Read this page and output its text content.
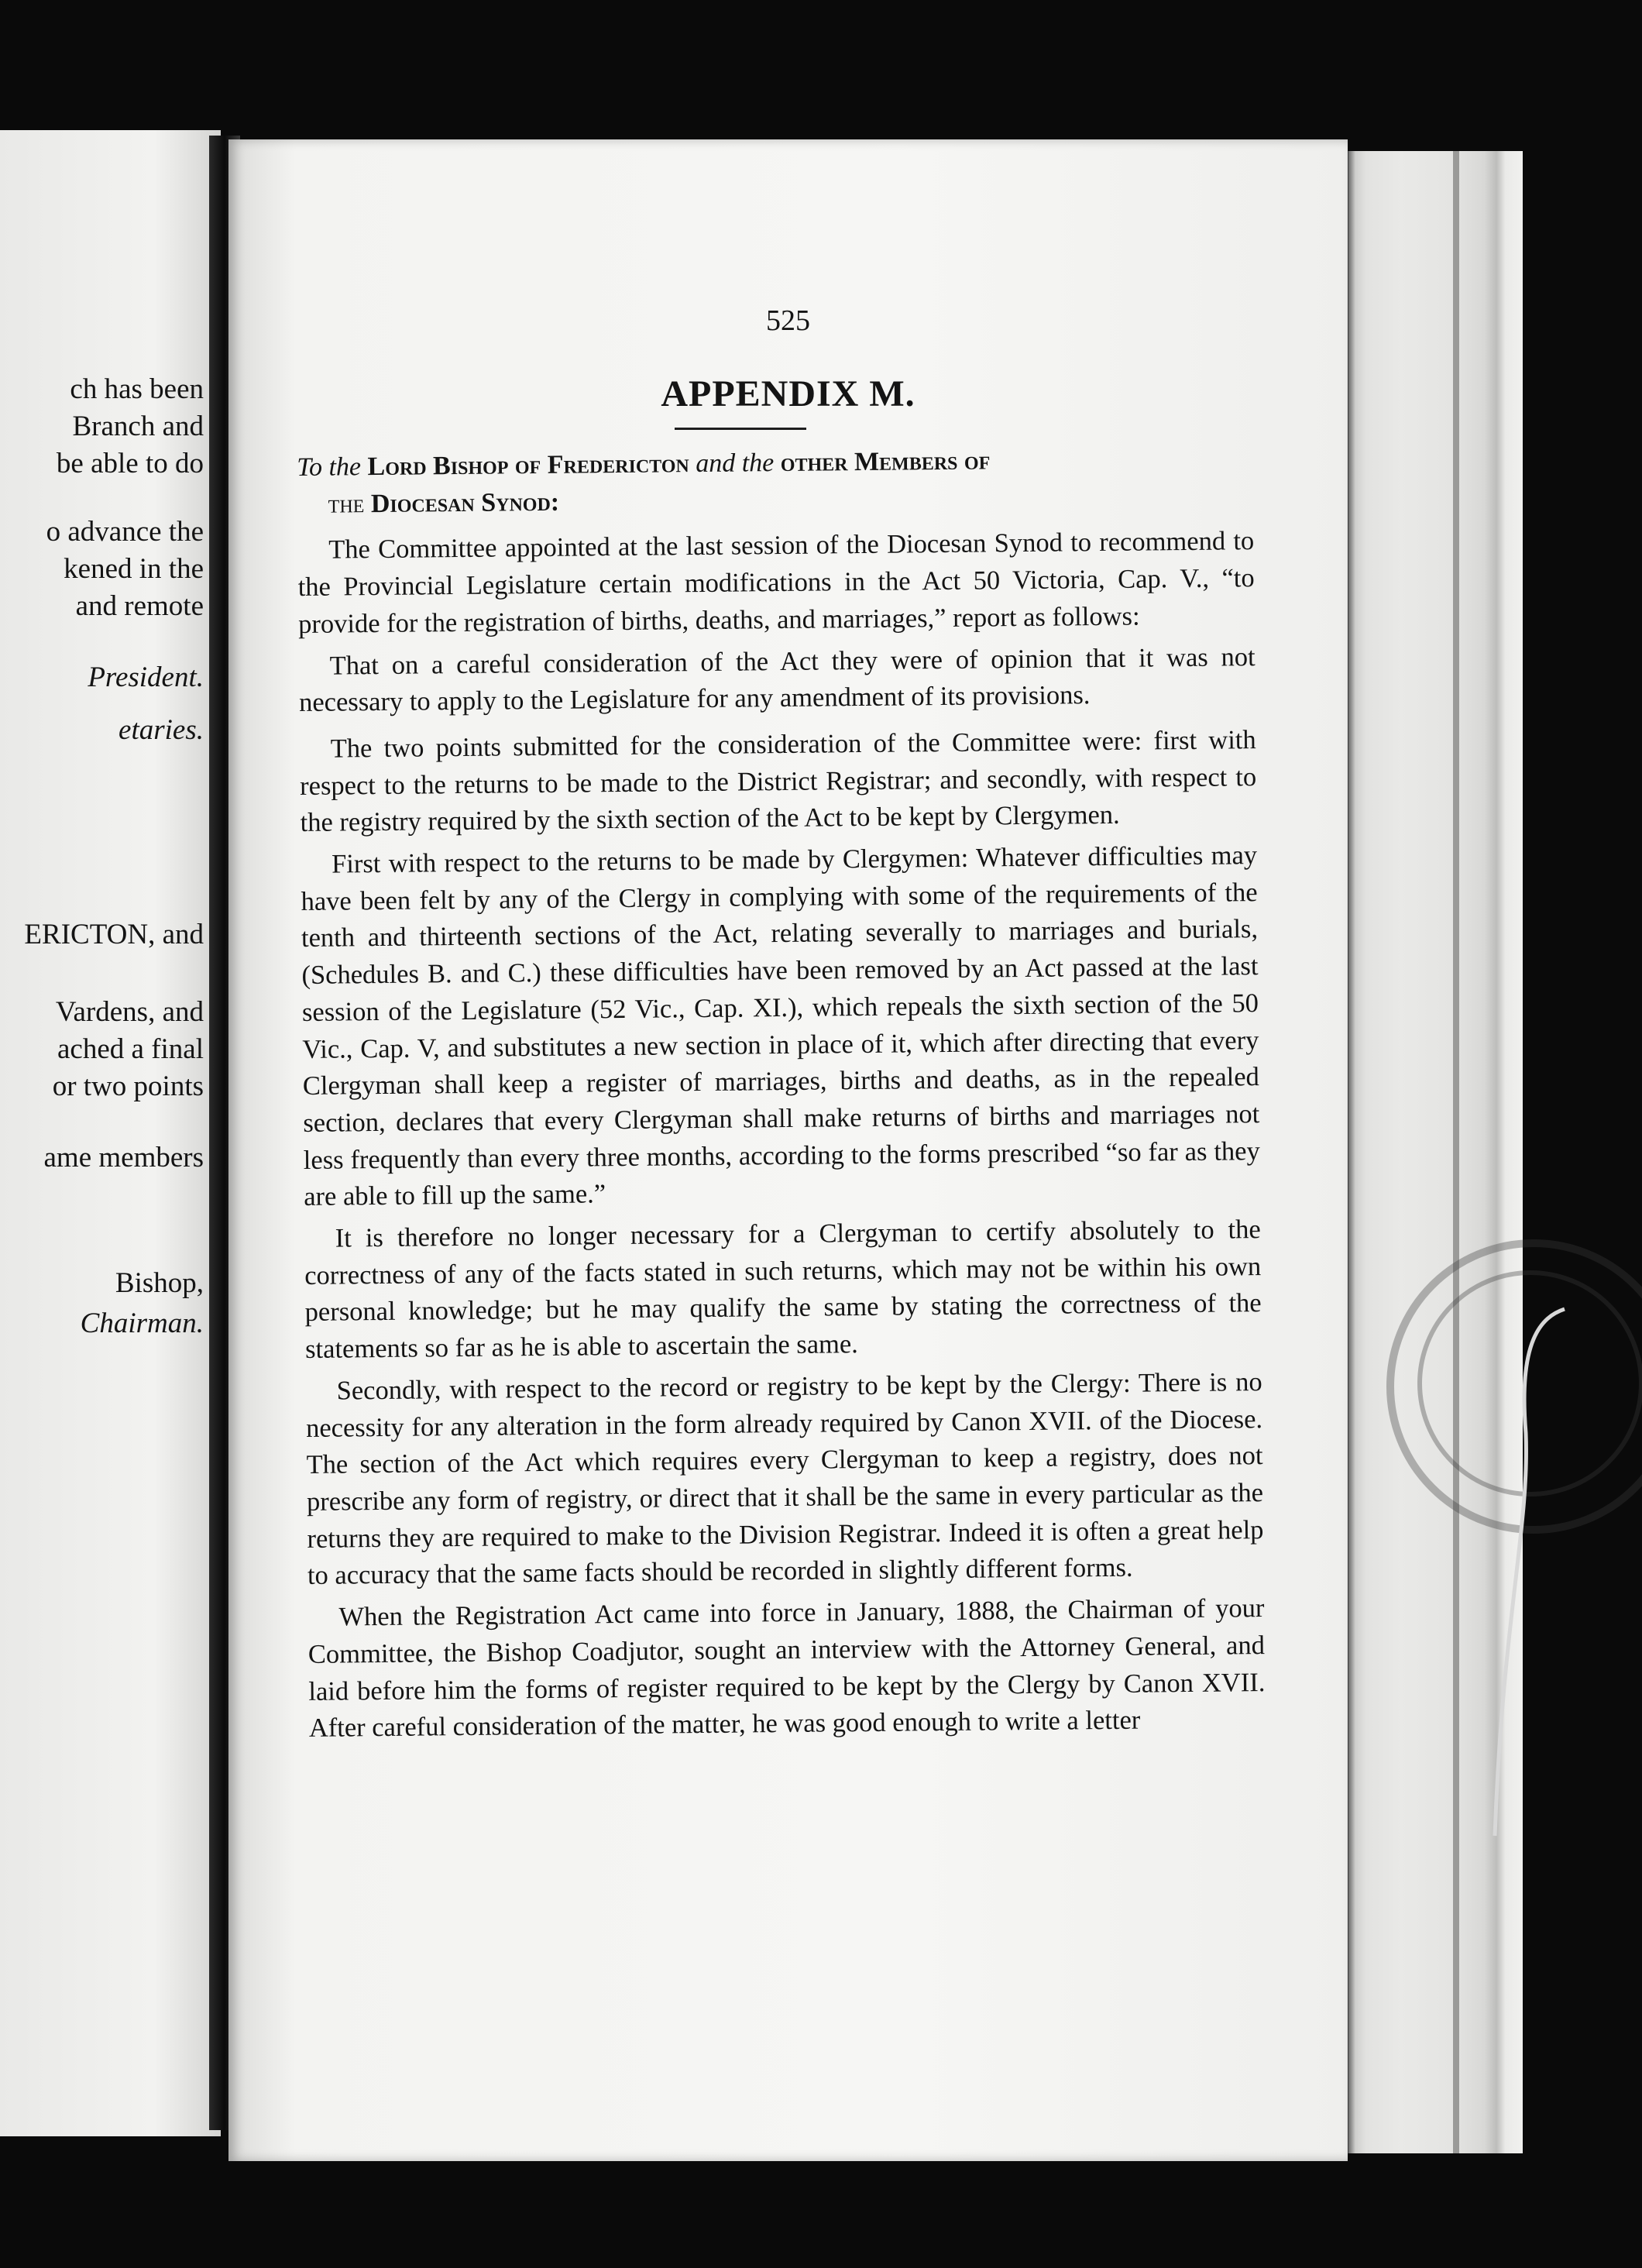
ch has been
Branch and
be able to do
o advance the
kened in the
and remote
President.
etaries.
ERICTON, and
Vardens, and
ached a final
or two points
ame members
Bishop,
Chairman.
525
APPENDIX M.
To the Lord Bishop of Fredericton and the other Members of
the Diocesan Synod:

The Committee appointed at the last session of the Diocesan Synod to recommend to the Provincial Legislature certain modifications in the Act 50 Victoria, Cap. V., “to provide for the registration of births, deaths, and marriages,” report as follows:

That on a careful consideration of the Act they were of opinion that it was not necessary to apply to the Legislature for any amendment of its provisions.

The two points submitted for the consideration of the Committee were: first with respect to the returns to be made to the District Registrar; and secondly, with respect to the registry required by the sixth section of the Act to be kept by Clergymen.

First with respect to the returns to be made by Clergymen: Whatever difficulties may have been felt by any of the Clergy in complying with some of the requirements of the tenth and thirteenth sections of the Act, relating severally to marriages and burials, (Schedules B. and C.) these difficulties have been removed by an Act passed at the last session of the Legislature (52 Vic., Cap. XI.), which repeals the sixth section of the 50 Vic., Cap. V, and substitutes a new section in place of it, which after directing that every Clergyman shall keep a register of marriages, births and deaths, as in the repealed section, declares that every Clergyman shall make returns of births and marriages not less frequently than every three months, according to the forms prescribed “so far as they are able to fill up the same.”

It is therefore no longer necessary for a Clergyman to certify absolutely to the correctness of any of the facts stated in such returns, which may not be within his own personal knowledge; but he may qualify the same by stating the correctness of the statements so far as he is able to ascertain the same.

Secondly, with respect to the record or registry to be kept by the Clergy: There is no necessity for any alteration in the form already required by Canon XVII. of the Diocese. The section of the Act which requires every Clergyman to keep a registry, does not prescribe any form of registry, or direct that it shall be the same in every particular as the returns they are required to make to the Division Registrar. Indeed it is often a great help to accuracy that the same facts should be recorded in slightly different forms.

When the Registration Act came into force in January, 1888, the Chairman of your Committee, the Bishop Coadjutor, sought an interview with the Attorney General, and laid before him the forms of register required to be kept by the Clergy by Canon XVII. After careful consideration of the matter, he was good enough to write a letter
